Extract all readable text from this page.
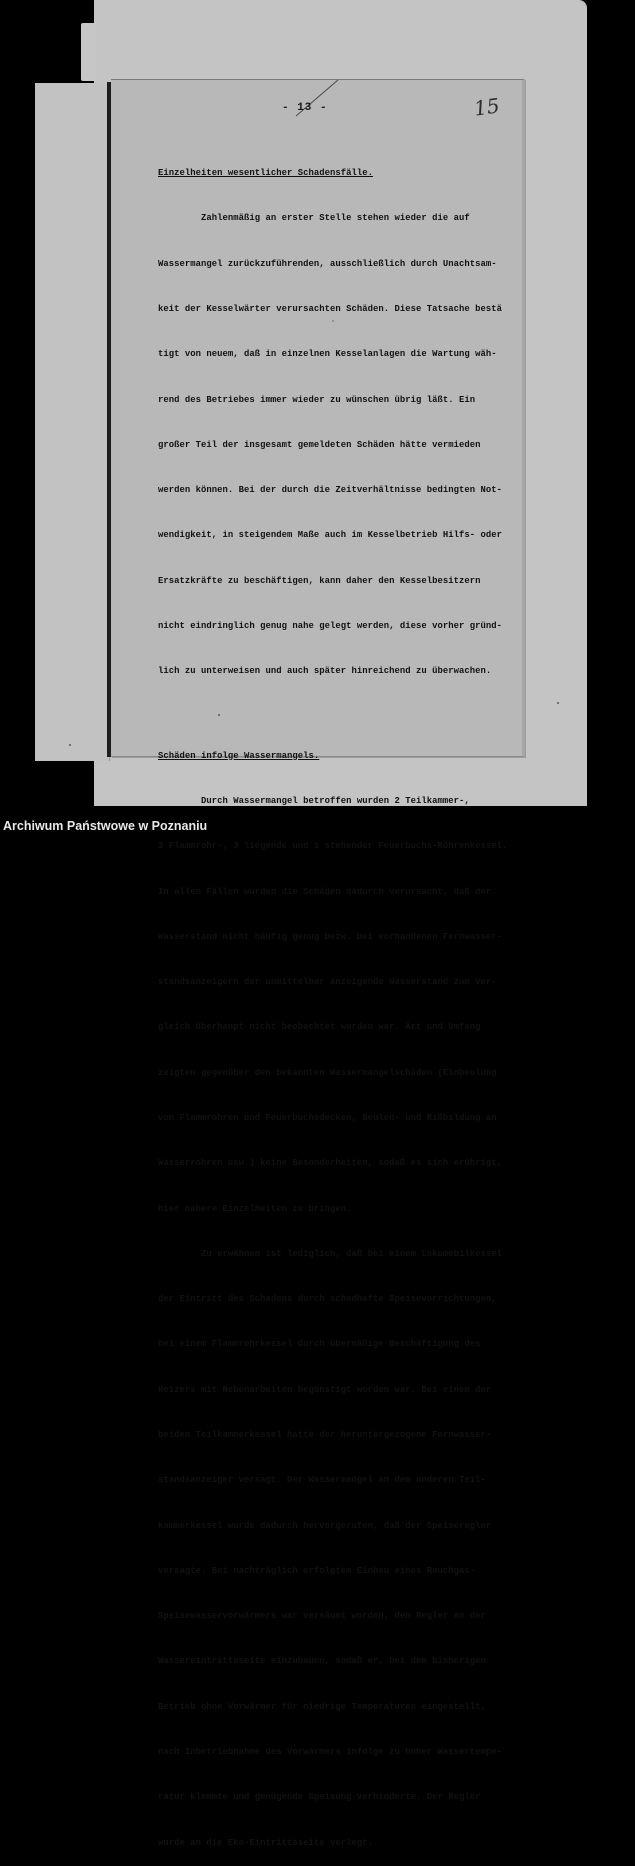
- 13 -	15

Einzelheiten wesentlicher Schadensfälle.

Zahlenmäßig an erster Stelle stehen wieder die auf

Wassermangel zurückzuführenden, ausschließlich durch Unachtsam-

keit der Kesselwärter verursachten Schäden. Diese Tatsache bestä

tigt von neuem, daß in einzelnen Kesselanlagen die Wartung wäh-

rend des Betriebes immer wieder zu wünschen übrig läßt. Ein

großer Teil der insgesamt gemeldeten Schäden hätte vermieden

werden können. Bei der durch die Zeitverhältnisse bedingten Not-

wendigkeit, in steigendem Maße auch im Kesselbetrieb Hilfs- oder

Ersatzkräfte zu beschäftigen, kann daher den Kesselbesitzern

nicht eindringlich genug nahe gelegt werden, diese vorher gründ-

lich zu unterweisen und auch später hinreichend zu überwachen.

Schäden infolge Wassermangels.

Durch Wassermangel betroffen wurden 2 Teilkammer-,

3 Flammrohr-, 3 liegende und 1 stehender Feuerbuchs-Röhrenkessel.

In allen Fällen wurden die Schäden dadurch verursacht, daß der

Wasserstand nicht häufig genug bezw. bei vorhandenen Fernwasser-

standsanzeigern der unmittelbar anzeigende Wasserstand zum Ver-

gleich überhaupt nicht beobachtet worden war. Art und Umfang

zeigten gegenüber den bekannten Wassermangelschäden (Einbeulung

von Flammrohren und Feuerbuchsdecken, Beulen- und Rißbildung an

Wasserrohren usw.) keine Besonderheiten, sodaß es sich erübrigt,

hier nähere Einzelheiten zu bringen.

Zu erwähnen ist lediglich, daß bei einem Lokomobilkessel

der Eintritt des Schadens durch schadhafte Speisevorrichtungen,

bei einem Flammrohrkessel durch übermäßige Beschäftigung des

Heizers mit Nebenarbeiten begünstigt worden war. Bei einem der

beiden Teilkammerkessel hatte der heruntergezogene Fernwasser-

standsanzeiger versagt. Der Wassermangel an dem anderen Teil-

kammerkessel wurde dadurch hervorgerufen, daß der Speiseregler

versagte. Bei nachträglich erfolgtem Einbau eines Rauchgas-

Speisewasservorwärmers war versäumt worden, den Regler an der

Wassereintrittsseite einzubauen, sodaß er, bei dem bisherigen

Betrieb ohne Vorwärmer für niedrige Temperaturen eingestellt,

nach Inbetriebnahme des Vorwärmers infolge zu hoher Wassertempe-

ratur klemmte und genügende Speisung verhinderte. Der Regler

wurde an die Eko-Eintrittsseite verlegt.

Archiwum Państwowe w Poznaniu
